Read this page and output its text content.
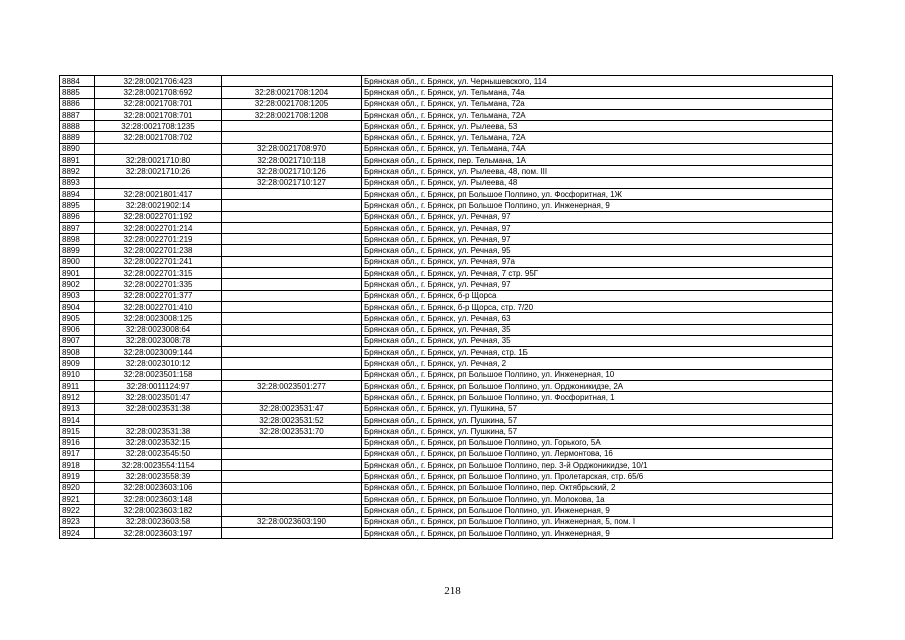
8884	32:28:0021706:423		Брянская обл., г. Брянск, ул. Чернышевского, 114
8885	32:28:0021708:692	32:28:0021708:1204	Брянская обл., г. Брянск, ул. Тельмана, 74а
8886	32:28:0021708:701	32:28:0021708:1205	Брянская обл., г. Брянск, ул. Тельмана, 72а
8887	32:28:0021708:701	32:28:0021708:1208	Брянская обл., г. Брянск, ул. Тельмана, 72А
8888	32:28:0021708:1235		Брянская обл., г. Брянск, ул. Рылеева, 53
8889	32:28:0021708:702		Брянская обл., г. Брянск, ул. Тельмана, 72А
8890		32:28:0021708:970	Брянская обл., г. Брянск, ул. Тельмана, 74А
8891	32:28:0021710:80	32:28:0021710:118	Брянская обл., г. Брянск, пер. Тельмана, 1А
8892	32:28:0021710:26	32:28:0021710:126	Брянская обл., г. Брянск, ул. Рылеева, 48, пом. III
8893		32:28:0021710:127	Брянская обл., г. Брянск, ул. Рылеева, 48
8894	32:28:0021801:417		Брянская обл., г. Брянск, рп Большое Полпино, ул. Фосфоритная, 1Ж
8895	32:28:0021902:14		Брянская обл., г. Брянск, рп Большое Полпино, ул. Инженерная, 9
8896	32:28:0022701:192		Брянская обл., г. Брянск, ул. Речная, 97
8897	32:28:0022701:214		Брянская обл., г. Брянск, ул. Речная, 97
8898	32:28:0022701:219		Брянская обл., г. Брянск, ул. Речная, 97
8899	32:28:0022701:238		Брянская обл., г. Брянск, ул. Речная, 95
8900	32:28:0022701:241		Брянская обл., г. Брянск, ул. Речная, 97а
8901	32:28:0022701:315		Брянская обл., г. Брянск, ул. Речная, 7 стр. 95Г
8902	32:28:0022701:335		Брянская обл., г. Брянск, ул. Речная, 97
8903	32:28:0022701:377		Брянская обл., г. Брянск, б-р Щорса
8904	32:28:0022701:410		Брянская обл., г. Брянск, б-р Щорса, стр. 7/20
8905	32:28:0023008:125		Брянская обл., г. Брянск, ул. Речная, 63
8906	32:28:0023008:64		Брянская обл., г. Брянск, ул. Речная, 35
8907	32:28:0023008:78		Брянская обл., г. Брянск, ул. Речная, 35
8908	32:28:0023009:144		Брянская обл., г. Брянск, ул. Речная, стр. 1Б
8909	32:28:0023010:12		Брянская обл., г. Брянск, ул. Речная, 2
8910	32:28:0023501:158		Брянская обл., г. Брянск, рп Большое Полпино, ул. Инженерная, 10
8911	32:28:0011124:97	32:28:0023501:277	Брянская обл., г. Брянск, рп Большое Полпино, ул. Орджоникидзе, 2А
8912	32:28:0023501:47		Брянская обл., г. Брянск, рп Большое Полпино, ул. Фосфоритная, 1
8913	32:28:0023531:38	32:28:0023531:47	Брянская обл., г. Брянск, ул. Пушкина, 57
8914		32:28:0023531:52	Брянская обл., г. Брянск, ул. Пушкина, 57
8915	32:28:0023531:38	32:28:0023531:70	Брянская обл., г. Брянск, ул. Пушкина, 57
8916	32:28:0023532:15		Брянская обл., г. Брянск, рп Большое Полпино, ул. Горького, 5А
8917	32:28:0023545:50		Брянская обл., г. Брянск, рп Большое Полпино, ул. Лермонтова, 16
8918	32:28:0023554:1154		Брянская обл., г. Брянск, рп Большое Полпино, пер. 3-й Орджоникидзе, 10/1
8919	32:28:0023558:39		Брянская обл., г. Брянск, рп Большое Полпино, ул. Пролетарская, стр. 65/6
8920	32:28:0023603:106		Брянская обл., г. Брянск, рп Большое Полпино, пер. Октябрьский, 2
8921	32:28:0023603:148		Брянская обл., г. Брянск, рп Большое Полпино, ул. Молокова, 1а
8922	32:28:0023603:182		Брянская обл., г. Брянск, рп Большое Полпино, ул. Инженерная, 9
8923	32:28:0023603:58	32:28:0023603:190	Брянская обл., г. Брянск, рп Большое Полпино, ул. Инженерная, 5, пом. I
8924	32:28:0023603:197		Брянская обл., г. Брянск, рп Большое Полпино, ул. Инженерная, 9
218
